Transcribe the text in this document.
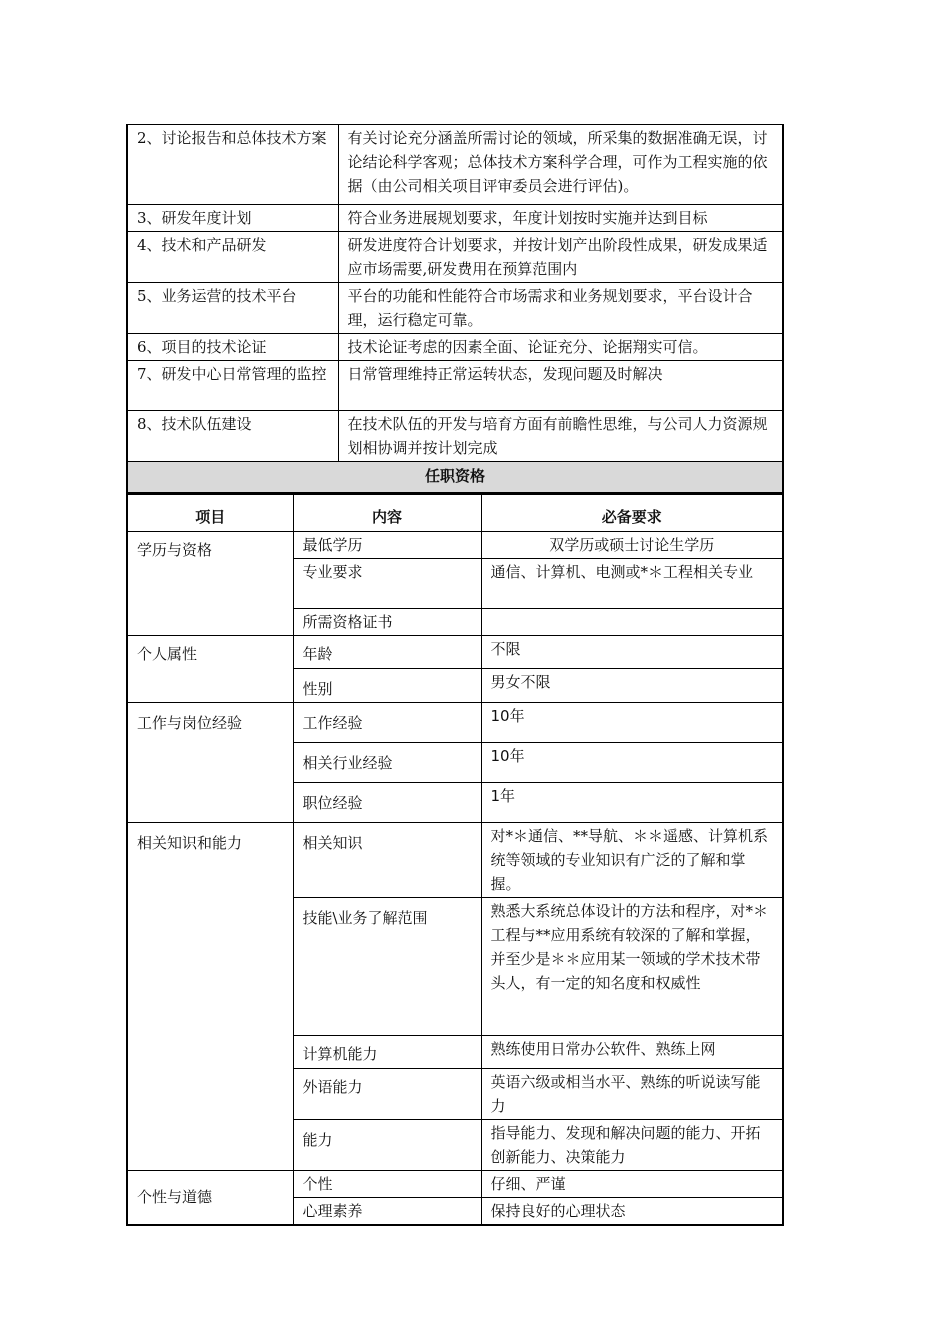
2、讨论报告和总体技术方案	有关讨论充分涵盖所需讨论的领域，所采集的数据准确无误，讨论结论科学客观；总体技术方案科学合理，可作为工程实施的依据（由公司相关项目评审委员会进行评估)。
3、研发年度计划	符合业务进展规划要求，年度计划按时实施并达到目标
4、技术和产品研发	研发进度符合计划要求，并按计划产出阶段性成果，研发成果适应市场需要,研发费用在预算范围内
5、业务运营的技术平台	平台的功能和性能符合市场需求和业务规划要求，平台设计合理，运行稳定可靠。
6、项目的技术论证	技术论证考虑的因素全面、论证充分、论据翔实可信。
7、研发中心日常管理的监控	日常管理维持正常运转状态，发现问题及时解决
8、技术队伍建设	在技术队伍的开发与培育方面有前瞻性思维，与公司人力资源规划相协调并按计划完成
任职资格	
项目	内容	必备要求
学历与资格	最低学历	双学历或硕士讨论生学历
	专业要求	通信、计算机、电测或*＊工程相关专业
	所需资格证书	
个人属性	年龄	不限
	性别	男女不限
工作与岗位经验	工作经验	10年
	相关行业经验	10年
	职位经验	1年
相关知识和能力	相关知识	对*＊通信、**导航、＊＊遥感、计算机系统等领域的专业知识有广泛的了解和掌握。
	技能\业务了解范围	熟悉大系统总体设计的方法和程序，对*＊工程与**应用系统有较深的了解和掌握，并至少是＊＊应用某一领域的学术技术带头人，有一定的知名度和权威性
	计算机能力	熟练使用日常办公软件、熟练上网
	外语能力	英语六级或相当水平、熟练的听说读写能力
	能力	指导能力、发现和解决问题的能力、开拓创新能力、决策能力
个性与道德	个性	仔细、严谨
	心理素养	保持良好的心理状态
